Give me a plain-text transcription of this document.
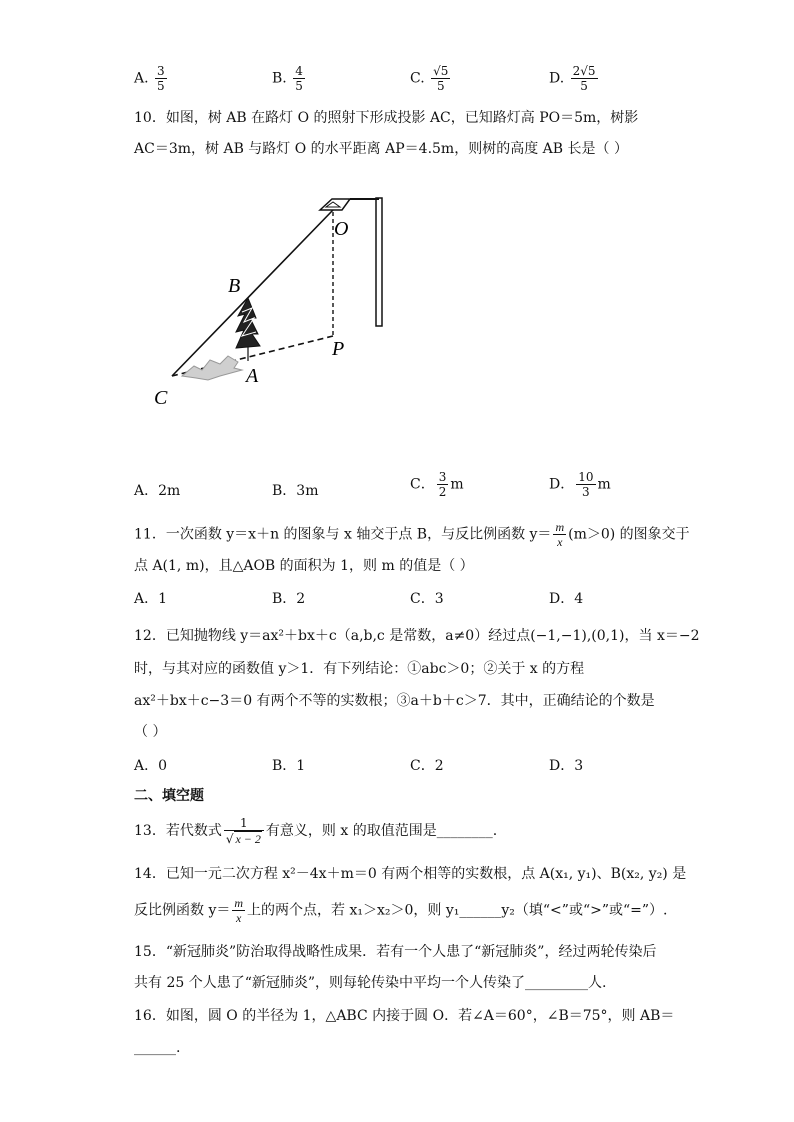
A. $\frac{3}{5}$	B. $\frac{4}{5}$	C. $\frac{√5}{5}$	D. $\frac{2√5}{5}$
10．如图，树 AB 在路灯 O 的照射下形成投影 AC，已知路灯高 PO＝5m，树影
AC＝3m，树 AB 与路灯 O 的水平距离 AP＝4.5m，则树的高度 AB 长是（ ）
O
B
P
A
C
A．2m	B．3m	C． $\frac{3}{2}$ m	D． $\frac{10}{3}$ m
11．一次函数 y＝x＋n 的图象与 x 轴交于点 B，与反比例函数 $y= \frac{m}{x} (m>0)$ 的图象交于
点 A(1, m)，且△AOB 的面积为 1，则 m 的值是（ ）
A．1	B．2	C．3	D．4
12．已知抛物线 y＝ax²＋bx＋c（a,b,c 是常数，a≠0）经过点(−1,−1),(0,1)，当 x＝−2
时，与其对应的函数值 y＞1．有下列结论：①abc＞0；②关于 x 的方程
ax²＋bx＋c−3＝0 有两个不等的实数根；③a＋b＋c＞7．其中，正确结论的个数是
（ ）
A．0	B．1	C．2	D．3
二、填空题
13．若代数式 $\frac{1}{√ x - 2}$ 有意义，则 x 的取值范围是________.
14．已知一元二次方程 x²－4x＋m＝0 有两个相等的实数根，点 A(x₁, y₁)、B(x₂, y₂) 是
反比例函数 $y= \frac{m}{x}$ 上的两个点，若 x₁＞x₂＞0，则 y₁______y₂（填“<”或“>”或“=”）.
15．“新冠肺炎”防治取得战略性成果．若有一个人患了“新冠肺炎”，经过两轮传染后
共有 25 个人患了“新冠肺炎”，则每轮传染中平均一个人传染了_________人.
16．如图，圆 O 的半径为 1，△ABC 内接于圆 O．若∠A＝60°，∠B＝75°，则 AB＝
______.
